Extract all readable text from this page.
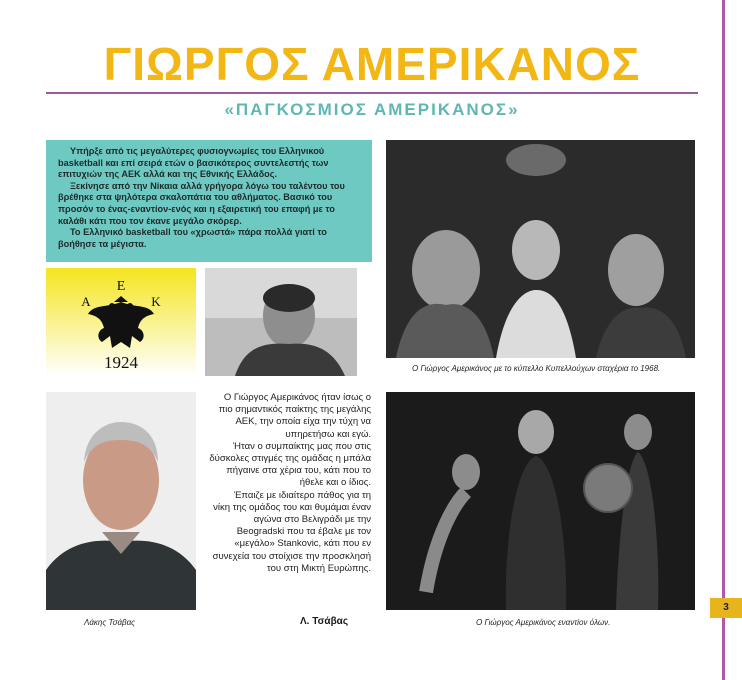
3
ΓΙΩΡΓΟΣ ΑΜΕΡΙΚΑΝΟΣ
«ΠΑΓΚΟΣΜΙΟΣ ΑΜΕΡΙΚΑΝΟΣ»

Υπήρξε από τις μεγαλύτερες φυσιογνωμίες του Ελληνικού basketball και επί σειρά ετών ο βασικότερος συντελεστής των επιτυχιών της ΑΕΚ αλλά και της Εθνικής Ελλάδος.

Ξεκίνησε από την Νίκαια αλλά γρήγορα λόγω του ταλέντου του βρέθηκε στα ψηλότερα σκαλοπάτια του αθλήματος. Βασικό του προσόν το ένας-εναντίον-ενός και η εξαιρετική του επαφή με το καλάθι κάτι που τον έκανε μεγάλο σκόρερ.

Το Ελληνικό basketball του «χρωστά» πάρα πολλά γιατί το βοήθησε τα μέγιστα.

Ε
Α	Κ
1924
Λάκης Τσάβας

Ο Γιώργος Αμερικάνος ήταν ίσως ο πιο σημαντικός παίκτης της μεγάλης ΑΕΚ, την οποία είχα την τύχη να υπηρετήσω και εγώ.

Ήταν ο συμπαίκτης μας που στις δύσκολες στιγμές της ομάδας η μπάλα πήγαινε στα χέρια του, κάτι που το ήθελε και ο ίδιος.

Έπαιζε με ιδιαίτερο πάθος για τη νίκη της ομάδος του και θυμάμαι έναν αγώνα στο Βελιγράδι με την Beogradski που τα έβαλε με τον «μεγάλο» Stankovic, κάτι που εν συνεχεία του στοίχισε την προσκλησή του στη Μικτή Ευρώπης.

Λ. Τσάβας
Ο Γιώργος Αμερικάνος με το κύπελλο Κυπελλούχων σταχέρια το 1968.
Ο Γιώργος Αμερικάνος εναντίον όλων.
